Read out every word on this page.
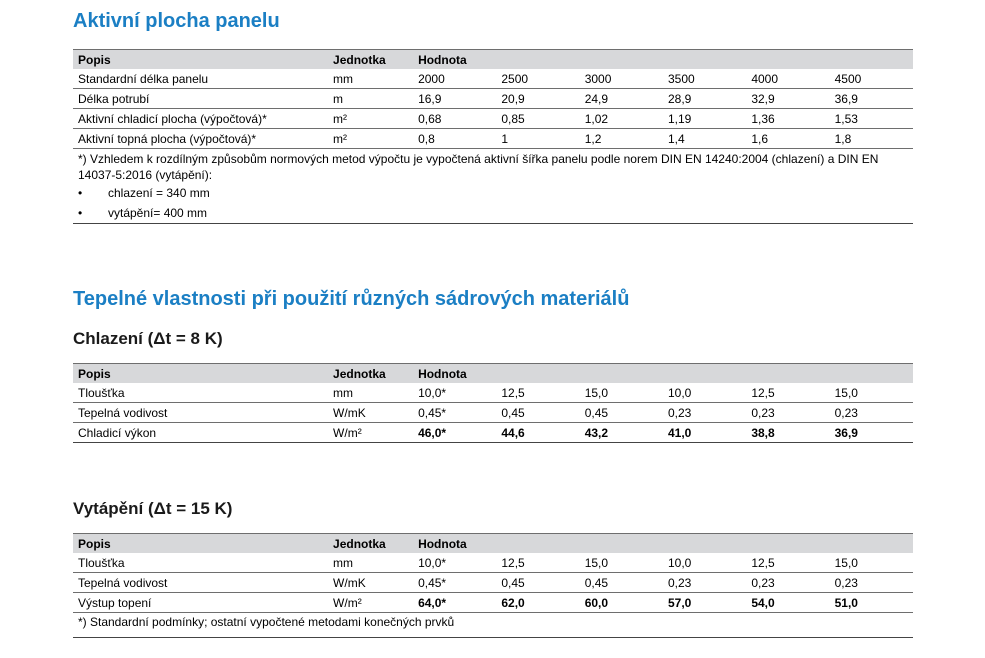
Aktivní plocha panelu
Popis	Jednotka	Hodnota					
Standardní délka panelu	mm	2000	2500	3000	3500	4000	4500
Délka potrubí	m	16,9	20,9	24,9	28,9	32,9	36,9
Aktivní chladicí plocha (výpočtová)*	m²	0,68	0,85	1,02	1,19	1,36	1,53
Aktivní topná plocha (výpočtová)*	m²	0,8	1	1,2	1,4	1,6	1,8

*) Vzhledem k rozdílným způsobům normových metod výpočtu je vypočtená aktivní šířka panelu podle norem DIN EN 14240:2004 (chlazení) a DIN EN 14037-5:2016 (vytápění):
• chlazení = 340 mm
• vytápění= 400 mm							
Tepelné vlastnosti při použití různých sádrových materiálů
Chlazení (Δt = 8 K)
Popis	Jednotka	Hodnota					
Tloušťka	mm	10,0*	12,5	15,0	10,0	12,5	15,0
Tepelná vodivost	W/mK	0,45*	0,45	0,45	0,23	0,23	0,23
Chladicí výkon	W/m²	46,0*	44,6	43,2	41,0	38,8	36,9
Vytápění (Δt = 15 K)
Popis	Jednotka	Hodnota					
Tloušťka	mm	10,0*	12,5	15,0	10,0	12,5	15,0
Tepelná vodivost	W/mK	0,45*	0,45	0,45	0,23	0,23	0,23
Výstup topení	W/m²	64,0*	62,0	60,0	57,0	54,0	51,0
*) Standardní podmínky; ostatní vypočtené metodami konečných prvků							
